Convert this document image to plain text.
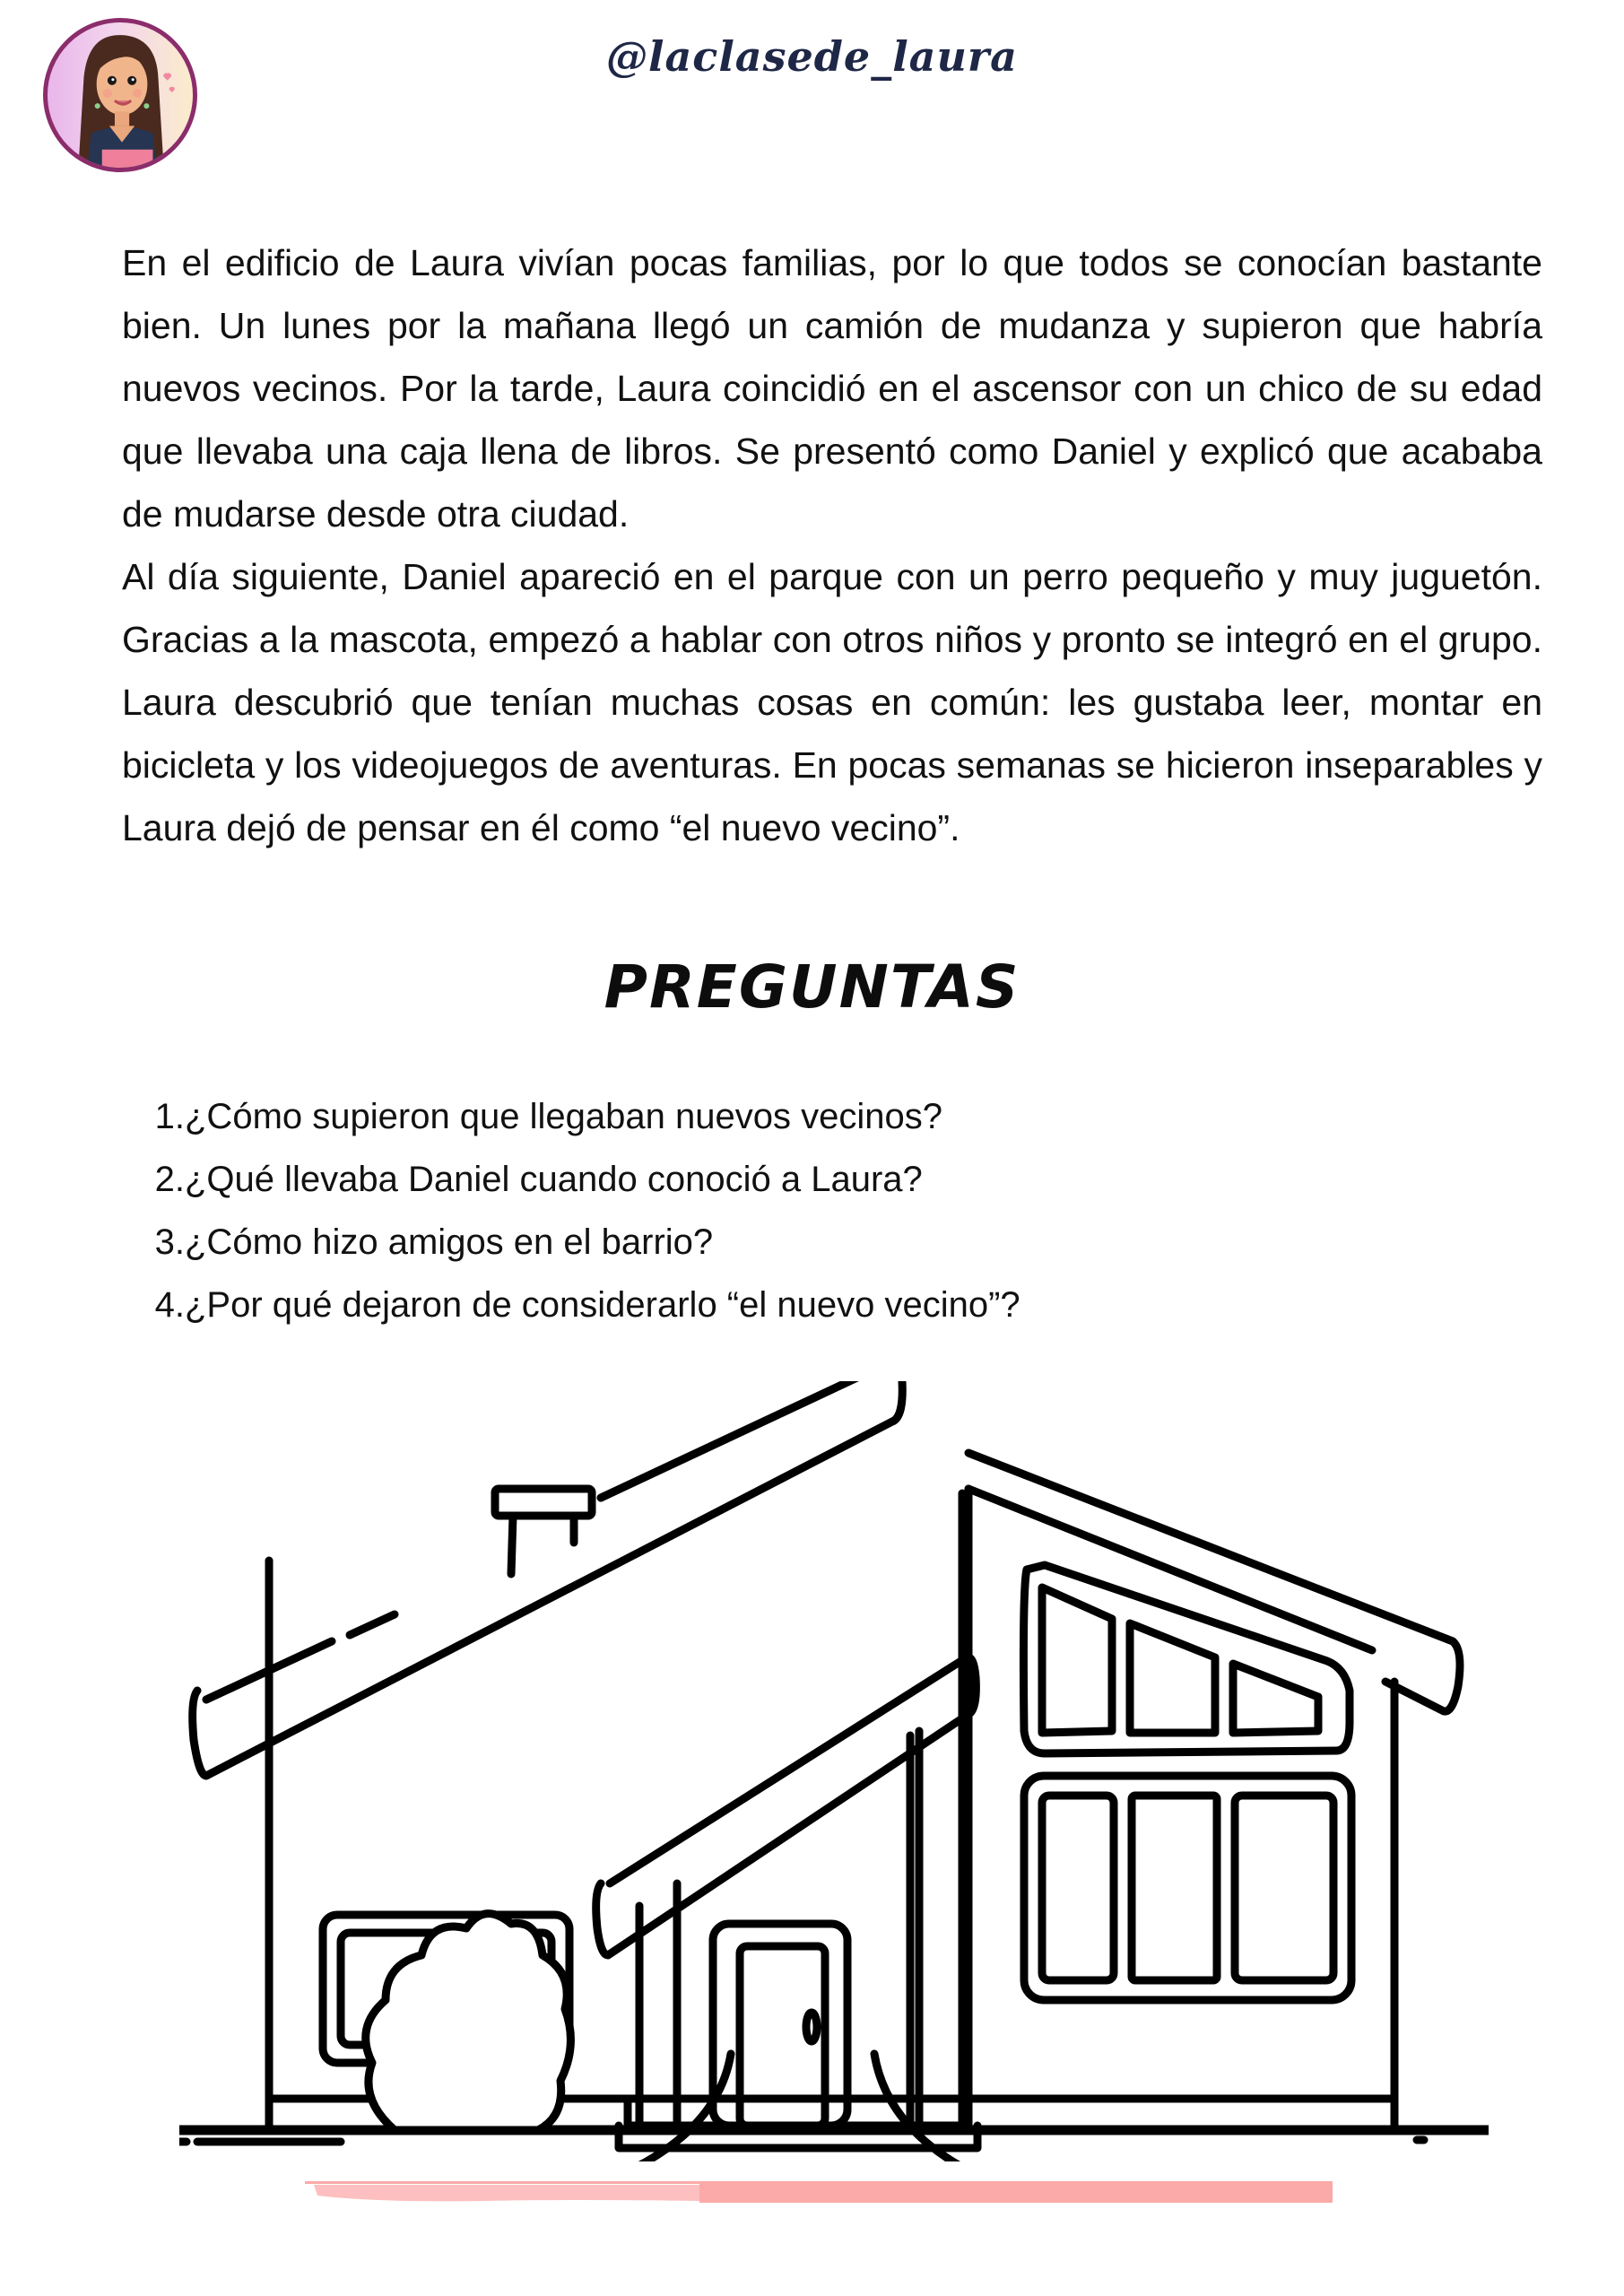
@laclasede_laura

En el edificio de Laura vivían pocas familias, por lo que todos se conocían bastante bien. Un lunes por la mañana llegó un camión de mudanza y supieron que habría nuevos vecinos. Por la tarde, Laura coincidió en el ascensor con un chico de su edad que llevaba una caja llena de libros. Se presentó como Daniel y explicó que acababa de mudarse desde otra ciudad.

Al día siguiente, Daniel apareció en el parque con un perro pequeño y muy juguetón. Gracias a la mascota, empezó a hablar con otros niños y pronto se integró en el grupo. Laura descubrió que tenían muchas cosas en común: les gustaba leer, montar en bicicleta y los videojuegos de aventuras. En pocas semanas se hicieron inseparables y Laura dejó de pensar en él como “el nuevo vecino”.

PREGUNTAS
1. ¿Cómo supieron que llegaban nuevos vecinos?
2. ¿Qué llevaba Daniel cuando conoció a Laura?
3. ¿Cómo hizo amigos en el barrio?
4. ¿Por qué dejaron de considerarlo “el nuevo vecino”?
